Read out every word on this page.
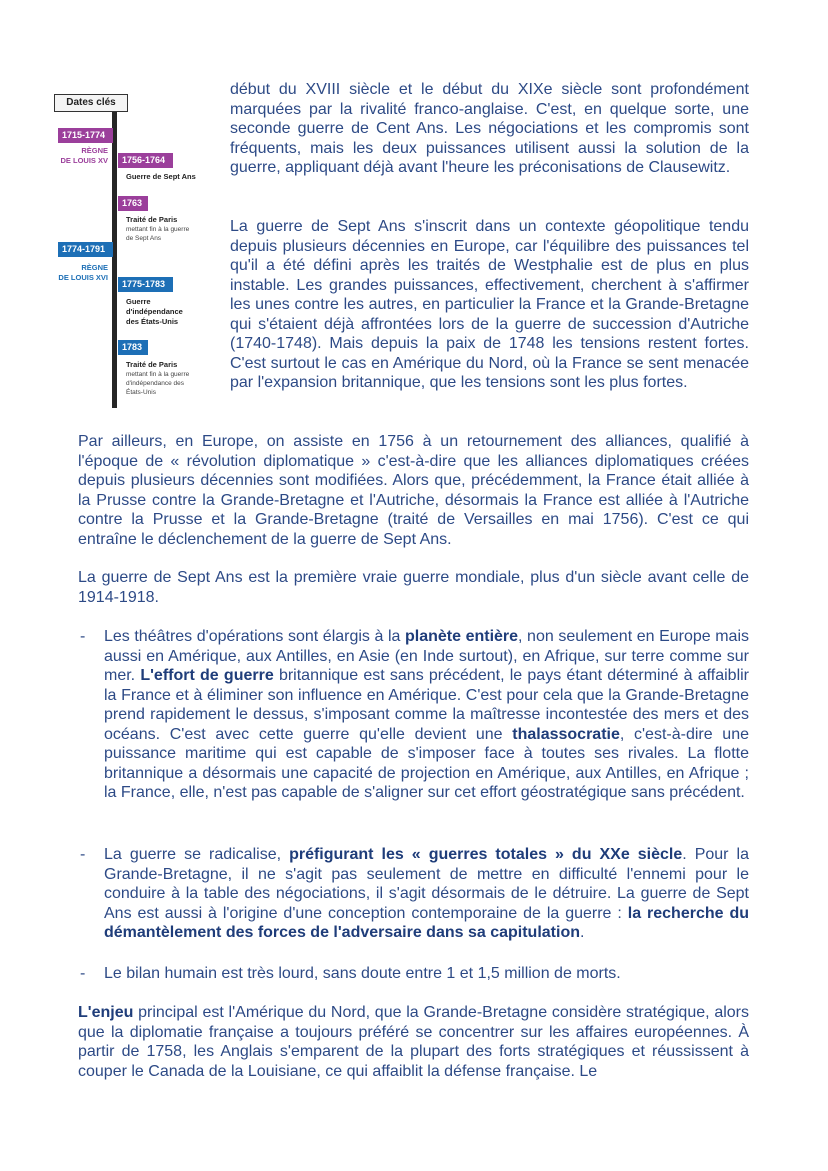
Dates clés
1715-1774
RÈGNE
DE LOUIS XV	1756-1764
Guerre de Sept Ans
1763
Traité de Paris
mettant fin à la guerre
de Sept Ans
1774-1791
RÈGNE
DE LOUIS XVI
1775-1783
Guerre
d'indépendance
des États-Unis
1783
Traité de Paris
mettant fin à la guerre
d'indépendance des
États-Unis

début du XVIII siècle et le début du XIXe siècle sont profondément marquées par la rivalité franco-anglaise. C'est, en quelque sorte, une seconde guerre de Cent Ans. Les négociations et les compromis sont fréquents, mais les deux puissances utilisent aussi la solution de la guerre, appliquant déjà avant l'heure les préconisations de Clausewitz.

La guerre de Sept Ans s'inscrit dans un contexte géopolitique tendu depuis plusieurs décennies en Europe, car l'équilibre des puissances tel qu'il a été défini après les traités de Westphalie est de plus en plus instable. Les grandes puissances, effectivement, cherchent à s'affirmer les unes contre les autres, en particulier la France et la Grande-Bretagne qui s'étaient déjà affrontées lors de la guerre de succession d'Autriche (1740-1748). Mais depuis la paix de 1748 les tensions restent fortes. C'est surtout le cas en Amérique du Nord, où la France se sent menacée par l'expansion britannique, que les tensions sont les plus fortes.

Par ailleurs, en Europe, on assiste en 1756 à un retournement des alliances, qualifié à l'époque de « révolution diplomatique » c'est-à-dire que les alliances diplomatiques créées depuis plusieurs décennies sont modifiées. Alors que, précédemment, la France était alliée à la Prusse contre la Grande-Bretagne et l'Autriche, désormais la France est alliée à l'Autriche contre la Prusse et la Grande-Bretagne (traité de Versailles en mai 1756). C'est ce qui entraîne le déclenchement de la guerre de Sept Ans.

La guerre de Sept Ans est la première vraie guerre mondiale, plus d'un siècle avant celle de 1914-1918.

- Les théâtres d'opérations sont élargis à la planète entière, non seulement en Europe mais aussi en Amérique, aux Antilles, en Asie (en Inde surtout), en Afrique, sur terre comme sur mer. L'effort de guerre britannique est sans précédent, le pays étant déterminé à affaiblir la France et à éliminer son influence en Amérique. C'est pour cela que la Grande-Bretagne prend rapidement le dessus, s'imposant comme la maîtresse incontestée des mers et des océans. C'est avec cette guerre qu'elle devient une thalassocratie, c'est-à-dire une puissance maritime qui est capable de s'imposer face à toutes ses rivales. La flotte britannique a désormais une capacité de projection en Amérique, aux Antilles, en Afrique ; la France, elle, n'est pas capable de s'aligner sur cet effort géostratégique sans précédent.

- La guerre se radicalise, préfigurant les « guerres totales » du XXe siècle. Pour la Grande-Bretagne, il ne s'agit pas seulement de mettre en difficulté l'ennemi pour le conduire à la table des négociations, il s'agit désormais de le détruire. La guerre de Sept Ans est aussi à l'origine d'une conception contemporaine de la guerre : la recherche du démantèlement des forces de l'adversaire dans sa capitulation.

- Le bilan humain est très lourd, sans doute entre 1 et 1,5 million de morts.

L'enjeu principal est l'Amérique du Nord, que la Grande-Bretagne considère stratégique, alors que la diplomatie française a toujours préféré se concentrer sur les affaires européennes. À partir de 1758, les Anglais s'emparent de la plupart des forts stratégiques et réussissent à couper le Canada de la Louisiane, ce qui affaiblit la défense française. Le
